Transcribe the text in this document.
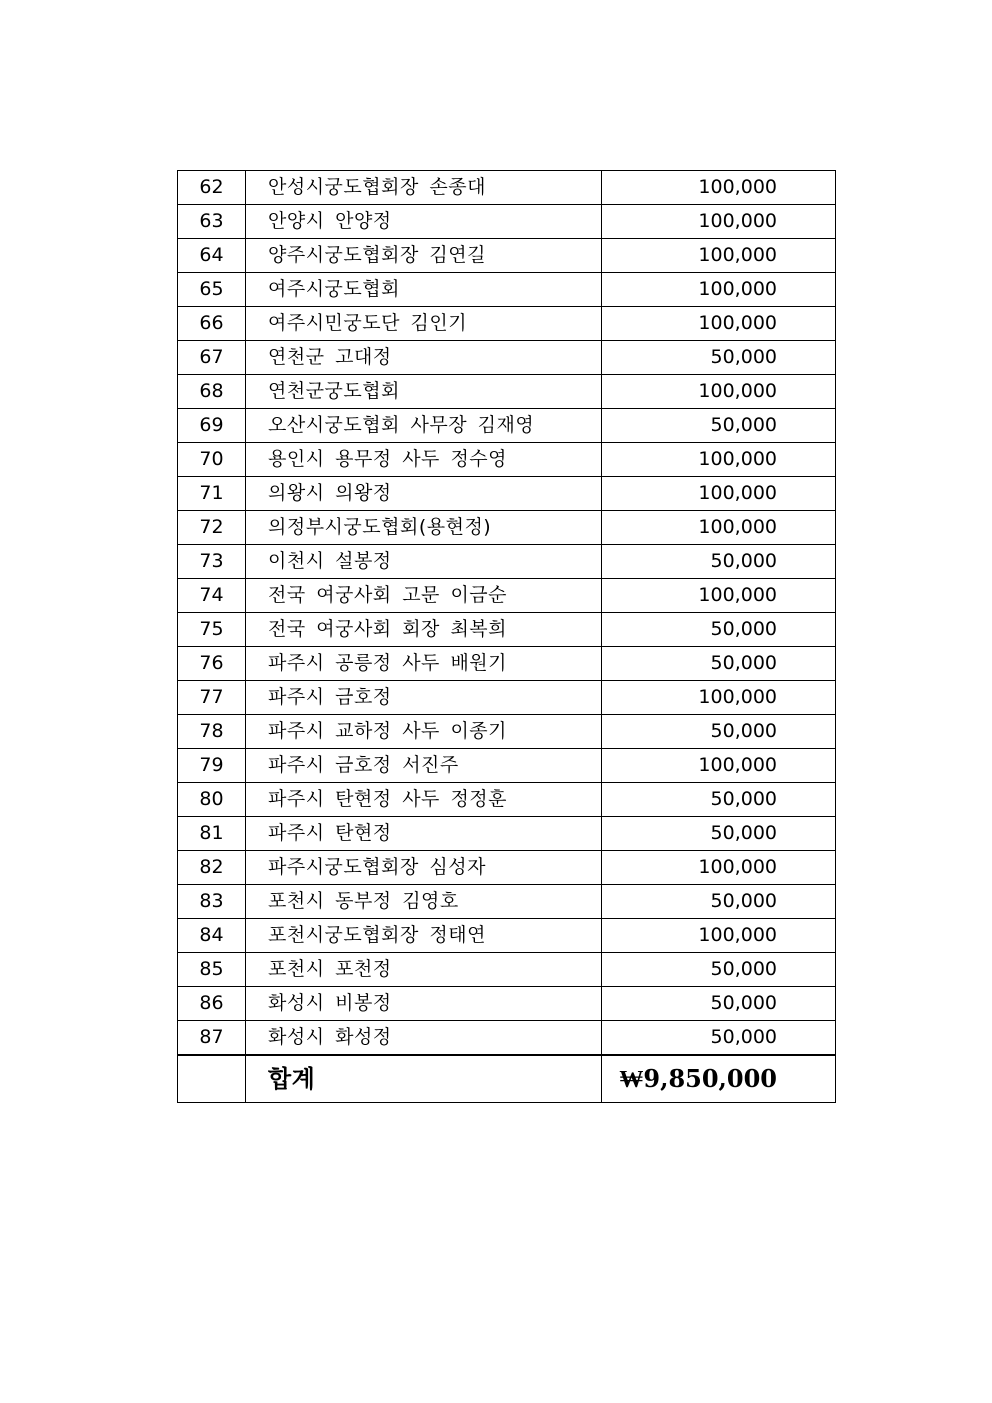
62	안성시궁도협회장 손종대	100,000
63	안양시 안양정	100,000
64	양주시궁도협회장 김연길	100,000
65	여주시궁도협회	100,000
66	여주시민궁도단 김인기	100,000
67	연천군 고대정	50,000
68	연천군궁도협회	100,000
69	오산시궁도협회 사무장 김재영	50,000
70	용인시 용무정 사두 정수영	100,000
71	의왕시 의왕정	100,000
72	의정부시궁도협회(용현정)	100,000
73	이천시 설봉정	50,000
74	전국 여궁사회 고문 이금순	100,000
75	전국 여궁사회 회장 최복희	50,000
76	파주시 공릉정 사두 배원기	50,000
77	파주시 금호정	100,000
78	파주시 교하정 사두 이종기	50,000
79	파주시 금호정 서진주	100,000
80	파주시 탄현정 사두 정정훈	50,000
81	파주시 탄현정	50,000
82	파주시궁도협회장 심성자	100,000
83	포천시 동부정 김영호	50,000
84	포천시궁도협회장 정태연	100,000
85	포천시 포천정	50,000
86	화성시 비봉정	50,000
87	화성시 화성정	50,000
	합계	₩9,850,000
